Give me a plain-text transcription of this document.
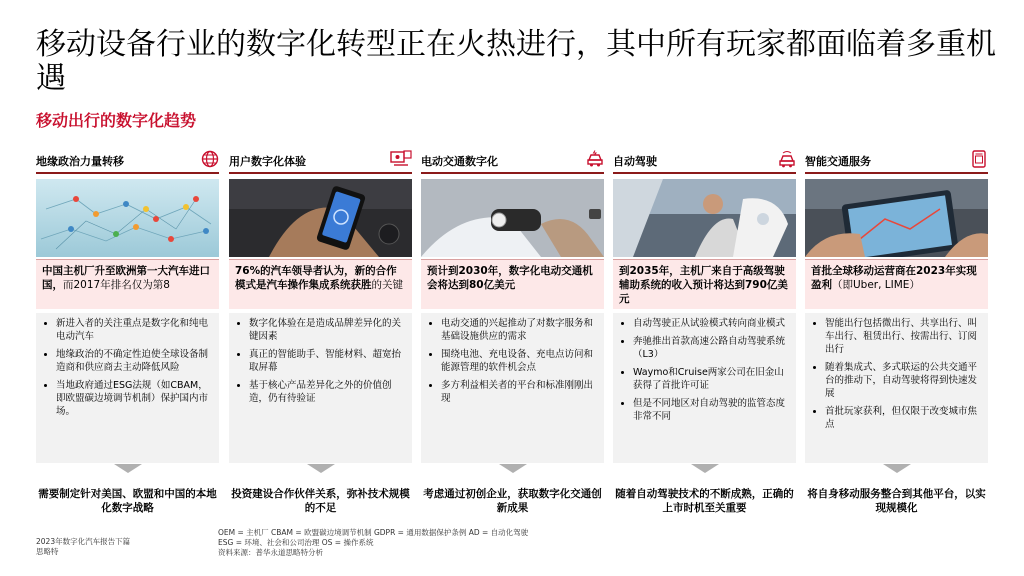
移动设备行业的数字化转型正在火热进行，其中所有玩家都面临着多重机遇
移动出行的数字化趋势
地缘政治力量转移
中国主机厂升至欧洲第一大汽车进口国，而2017年排名仅为第8
• 新进入者的关注重点是数字化和纯电电动汽车
• 地缘政治的不确定性迫使全球设备制造商和供应商去主动降低风险
• 当地政府通过ESG法规（如CBAM，即欧盟碳边境调节机制）保护国内市场。
需要制定针对美国、欧盟和中国的本地化数字战略
用户数字化体验
76%的汽车领导者认为，新的合作模式是汽车操作集成系统获胜的关键
• 数字化体验在是造成品牌差异化的关键因素
• 真正的智能助手、智能材料、超宽抬取屏幕
• 基于核心产品差异化之外的价值创造，仍有待验证
投资建设合作伙伴关系，弥补技术规模的不足
电动交通数字化
预计到2030年，数字化电动交通机会将达到80亿美元
• 电动交通的兴起推动了对数字服务和基础设施供应的需求
• 围绕电池、充电设备、充电点访问和能源管理的软件机会点
• 多方利益相关者的平台和标准刚刚出现
考虑通过初创企业，获取数字化交通创新成果
自动驾驶
到2035年，主机厂来自于高级驾驶辅助系统的收入预计将达到790亿美元
• 自动驾驶正从试验模式转向商业模式
• 奔驰推出首款高速公路自动驾驶系统（L3）
• Waymo和Cruise两家公司在旧金山获得了首批许可证
• 但是不同地区对自动驾驶的监管态度非常不同
随着自动驾驶技术的不断成熟，正确的上市时机至关重要
智能交通服务
首批全球移动运营商在2023年实现盈利（即Uber, LIME）
• 智能出行包括微出行、共享出行、叫车出行、租赁出行、按需出行、订阅出行
• 随着集成式、多式联运的公共交通平台的推动下，自动驾驶将得到快速发展
• 首批玩家获利，但仅限于改变城市焦点
将自身移动服务整合到其他平台，以实现规模化
OEM = 主机厂 CBAM = 欧盟碳边境调节机制 GDPR = 通用数据保护条例 AD = 自动化驾驶
ESG = 环境、社会和公司治理 OS = 操作系统
资料来源：普华永道思略特分析
2023年数字化汽车报告下篇
思略特
